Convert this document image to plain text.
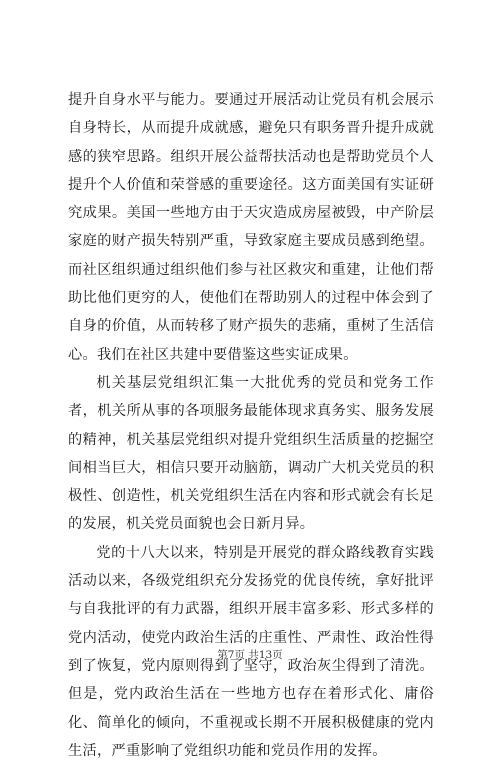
提升自身水平与能力。要通过开展活动让党员有机会展示自身特长，从而提升成就感，避免只有职务晋升提升成就感的狭窄思路。组织开展公益帮扶活动也是帮助党员个人提升个人价值和荣誉感的重要途径。这方面美国有实证研究成果。美国一些地方由于天灾造成房屋被毁，中产阶层家庭的财产损失特别严重，导致家庭主要成员感到绝望。而社区组织通过组织他们参与社区救灾和重建，让他们帮助比他们更穷的人，使他们在帮助别人的过程中体会到了自身的价值，从而转移了财产损失的悲痛，重树了生活信心。我们在社区共建中要借鉴这些实证成果。

机关基层党组织汇集一大批优秀的党员和党务工作者，机关所从事的各项服务最能体现求真务实、服务发展的精神，机关基层党组织对提升党组织生活质量的挖掘空间相当巨大，相信只要开动脑筋，调动广大机关党员的积极性、创造性，机关党组织生活在内容和形式就会有长足的发展，机关党员面貌也会日新月异。

党的十八大以来，特别是开展党的群众路线教育实践活动以来，各级党组织充分发扬党的优良传统，拿好批评与自我批评的有力武器，组织开展丰富多彩、形式多样的党内活动，使党内政治生活的庄重性、严肃性、政治性得到了恢复，党内原则得到了坚守，政治灰尘得到了清洗。但是，党内政治生活在一些地方也存在着形式化、庸俗化、简单化的倾向，不重视或长期不开展积极健康的党内生活，严重影响了党组织功能和党员作用的发挥。

第7页 共13页
